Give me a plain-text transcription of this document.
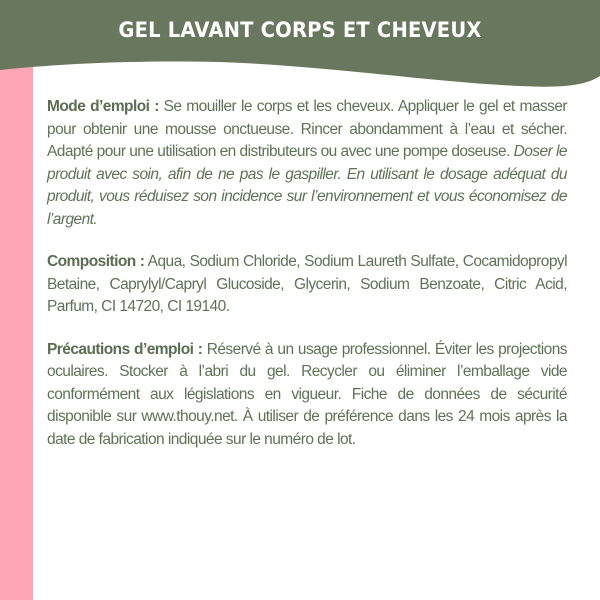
GEL LAVANT CORPS ET CHEVEUX

Mode d’emploi : Se mouiller le corps et les cheveux. Appliquer le gel et masser pour obtenir une mousse onctueuse. Rincer abondamment à l’eau et sécher. Adapté pour une utilisation en distributeurs ou avec une pompe doseuse. Doser le produit avec soin, afin de ne pas le gaspiller. En utilisant le dosage adéquat du produit, vous réduisez son incidence sur l’environnement et vous économisez de l’argent.

Composition : Aqua, Sodium Chloride, Sodium Laureth Sulfate, Cocamidopropyl Betaine, Caprylyl/Capryl Glucoside, Glycerin, Sodium Benzoate, Citric Acid, Parfum, CI 14720, CI 19140.

Précautions d’emploi : Réservé à un usage professionnel. Éviter les projections oculaires. Stocker à l’abri du gel. Recycler ou éliminer l’emballage vide conformément aux législations en vigueur. Fiche de données de sécurité disponible sur www.thouy.net. À utiliser de préférence dans les 24 mois après la date de fabrication indiquée sur le numéro de lot.
